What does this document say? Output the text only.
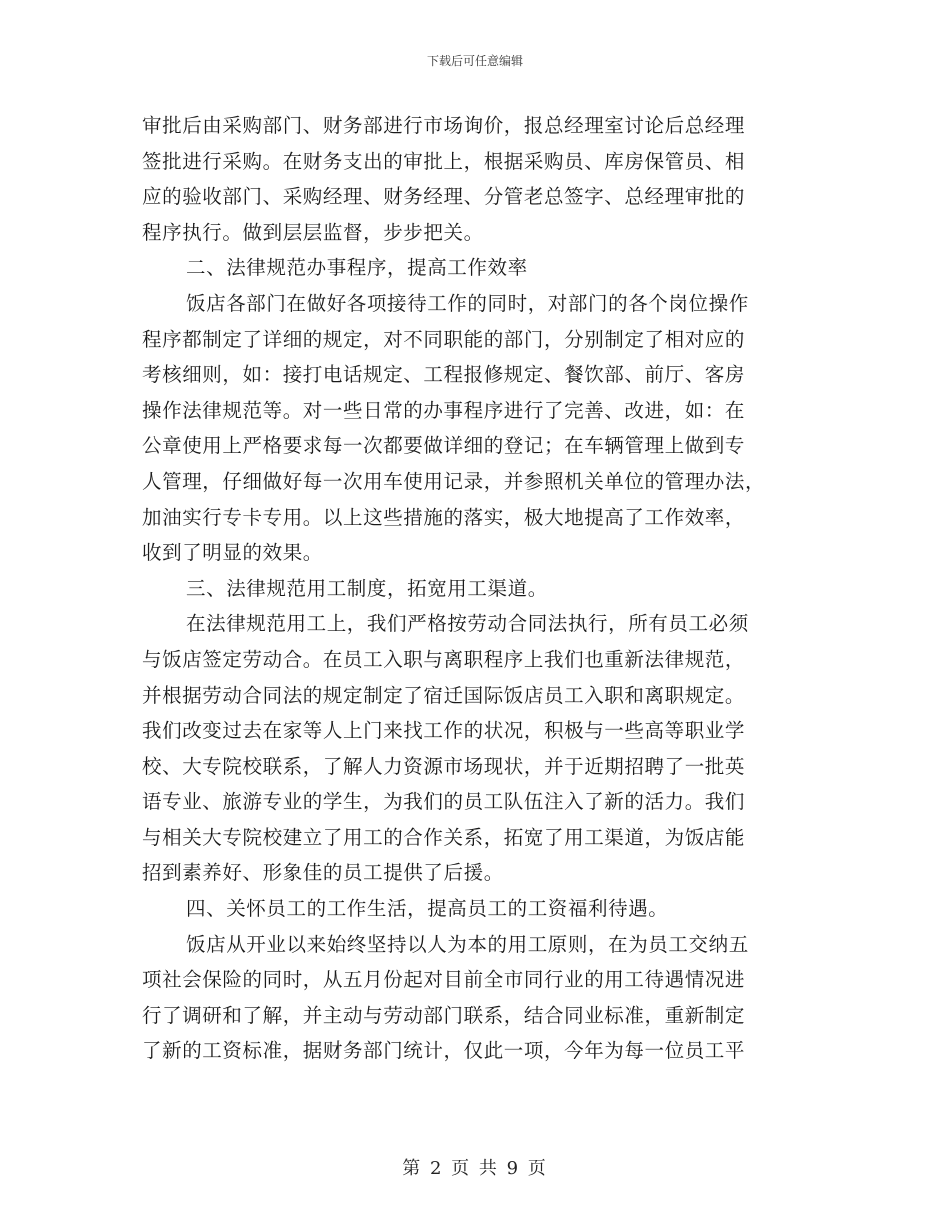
下载后可任意编辑
审批后由采购部门、财务部进行市场询价，报总经理室讨论后总经理
签批进行采购。在财务支出的审批上，根据采购员、库房保管员、相
应的验收部门、采购经理、财务经理、分管老总签字、总经理审批的
程序执行。做到层层监督，步步把关。
二、法律规范办事程序，提高工作效率
饭店各部门在做好各项接待工作的同时，对部门的各个岗位操作
程序都制定了详细的规定，对不同职能的部门，分别制定了相对应的
考核细则，如：接打电话规定、工程报修规定、餐饮部、前厅、客房
操作法律规范等。对一些日常的办事程序进行了完善、改进，如：在
公章使用上严格要求每一次都要做详细的登记；在车辆管理上做到专
人管理，仔细做好每一次用车使用记录，并参照机关单位的管理办法，
加油实行专卡专用。以上这些措施的落实，极大地提高了工作效率，
收到了明显的效果。
三、法律规范用工制度，拓宽用工渠道。
在法律规范用工上，我们严格按劳动合同法执行，所有员工必须
与饭店签定劳动合。在员工入职与离职程序上我们也重新法律规范，
并根据劳动合同法的规定制定了宿迁国际饭店员工入职和离职规定。
我们改变过去在家等人上门来找工作的状况，积极与一些高等职业学
校、大专院校联系，了解人力资源市场现状，并于近期招聘了一批英
语专业、旅游专业的学生，为我们的员工队伍注入了新的活力。我们
与相关大专院校建立了用工的合作关系，拓宽了用工渠道，为饭店能
招到素养好、形象佳的员工提供了后援。
四、关怀员工的工作生活，提高员工的工资福利待遇。
饭店从开业以来始终坚持以人为本的用工原则，在为员工交纳五
项社会保险的同时，从五月份起对目前全市同行业的用工待遇情况进
行了调研和了解，并主动与劳动部门联系，结合同业标准，重新制定
了新的工资标准，据财务部门统计，仅此一项，今年为每一位员工平
第 2 页 共 9 页
